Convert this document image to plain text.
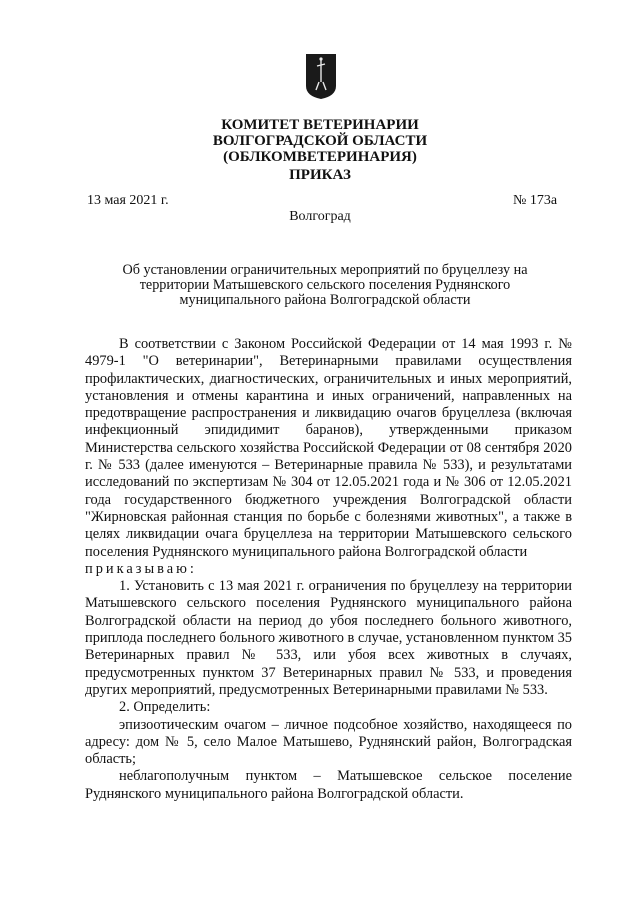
КОМИТЕТ ВЕТЕРИНАРИИ
ВОЛГОГРАДСКОЙ ОБЛАСТИ
(ОБЛКОМВЕТЕРИНАРИЯ)
ПРИКАЗ
13 мая 2021 г.	№ 173а
Волгоград
Об установлении ограничительных мероприятий по бруцеллезу на территории Матышевского сельского поселения Руднянского муниципального района Волгоградской области

В соответствии с Законом Российской Федерации от 14 мая 1993 г. № 4979-1 "О ветеринарии", Ветеринарными правилами осуществления профилактических, диагностических, ограничительных и иных мероприятий, установления и отмены карантина и иных ограничений, направленных на предотвращение распространения и ликвидацию очагов бруцеллеза (включая инфекционный эпидидимит баранов), утвержденными приказом Министерства сельского хозяйства Российской Федерации от 08 сентября 2020 г. № 533 (далее именуются – Ветеринарные правила № 533), и результатами исследований по экспертизам № 304 от 12.05.2021 года и № 306 от 12.05.2021 года государственного бюджетного учреждения Волгоградской области "Жирновская районная станция по борьбе с болезнями животных", а также в целях ликвидации очага бруцеллеза на территории Матышевского сельского поселения Руднянского муниципального района Волгоградской области

приказываю:

1. Установить с 13 мая 2021 г. ограничения по бруцеллезу на территории Матышевского сельского поселения Руднянского муниципального района Волгоградской области на период до убоя последнего больного животного, приплода последнего больного животного в случае, установленном пунктом 35 Ветеринарных правил № 533, или убоя всех животных в случаях, предусмотренных пунктом 37 Ветеринарных правил № 533, и проведения других мероприятий, предусмотренных Ветеринарными правилами № 533.

2. Определить:

эпизоотическим очагом – личное подсобное хозяйство, находящееся по адресу: дом № 5, село Малое Матышево, Руднянский район, Волгоградская область;

неблагополучным пунктом – Матышевское сельское поселение Руднянского муниципального района Волгоградской области.
